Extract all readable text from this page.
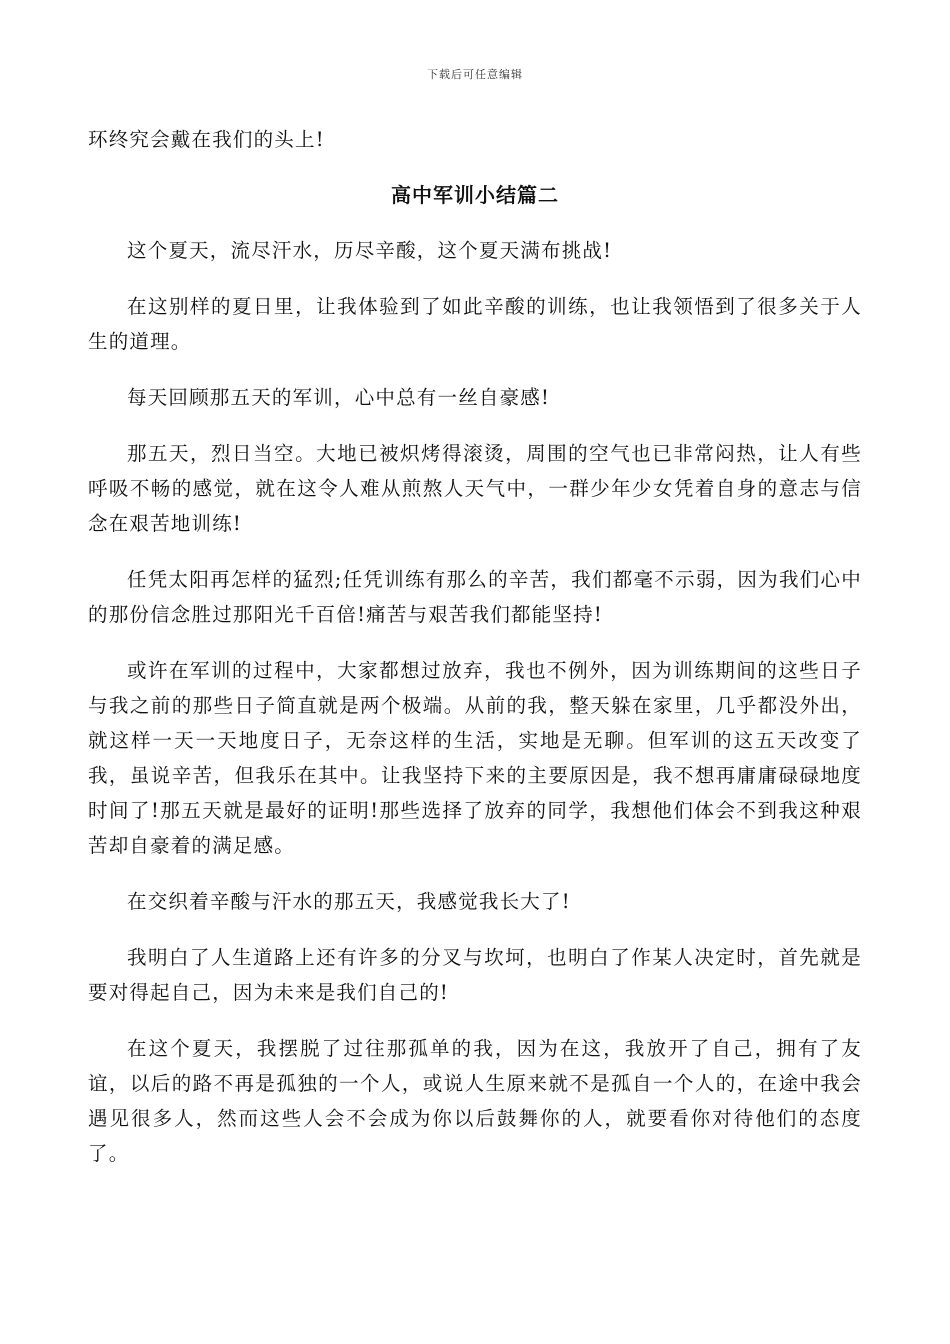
下载后可任意编辑

环终究会戴在我们的头上!

高中军训小结篇二

这个夏天，流尽汗水，历尽辛酸，这个夏天满布挑战!

在这别样的夏日里，让我体验到了如此辛酸的训练，也让我领悟到了很多关于人生的道理。

每天回顾那五天的军训，心中总有一丝自豪感!

那五天，烈日当空。大地已被炽烤得滚烫，周围的空气也已非常闷热，让人有些呼吸不畅的感觉，就在这令人难从煎熬人天气中，一群少年少女凭着自身的意志与信念在艰苦地训练!

任凭太阳再怎样的猛烈;任凭训练有那么的辛苦，我们都毫不示弱，因为我们心中的那份信念胜过那阳光千百倍!痛苦与艰苦我们都能坚持!

或许在军训的过程中，大家都想过放弃，我也不例外，因为训练期间的这些日子与我之前的那些日子简直就是两个极端。从前的我，整天躲在家里，几乎都没外出，就这样一天一天地度日子，无奈这样的生活，实地是无聊。但军训的这五天改变了我，虽说辛苦，但我乐在其中。让我坚持下来的主要原因是，我不想再庸庸碌碌地度时间了!那五天就是最好的证明!那些选择了放弃的同学，我想他们体会不到我这种艰苦却自豪着的满足感。

在交织着辛酸与汗水的那五天，我感觉我长大了!

我明白了人生道路上还有许多的分叉与坎坷，也明白了作某人决定时，首先就是要对得起自己，因为未来是我们自己的!

在这个夏天，我摆脱了过往那孤单的我，因为在这，我放开了自己，拥有了友谊，以后的路不再是孤独的一个人，或说人生原来就不是孤自一个人的，在途中我会遇见很多人，然而这些人会不会成为你以后鼓舞你的人，就要看你对待他们的态度了。
